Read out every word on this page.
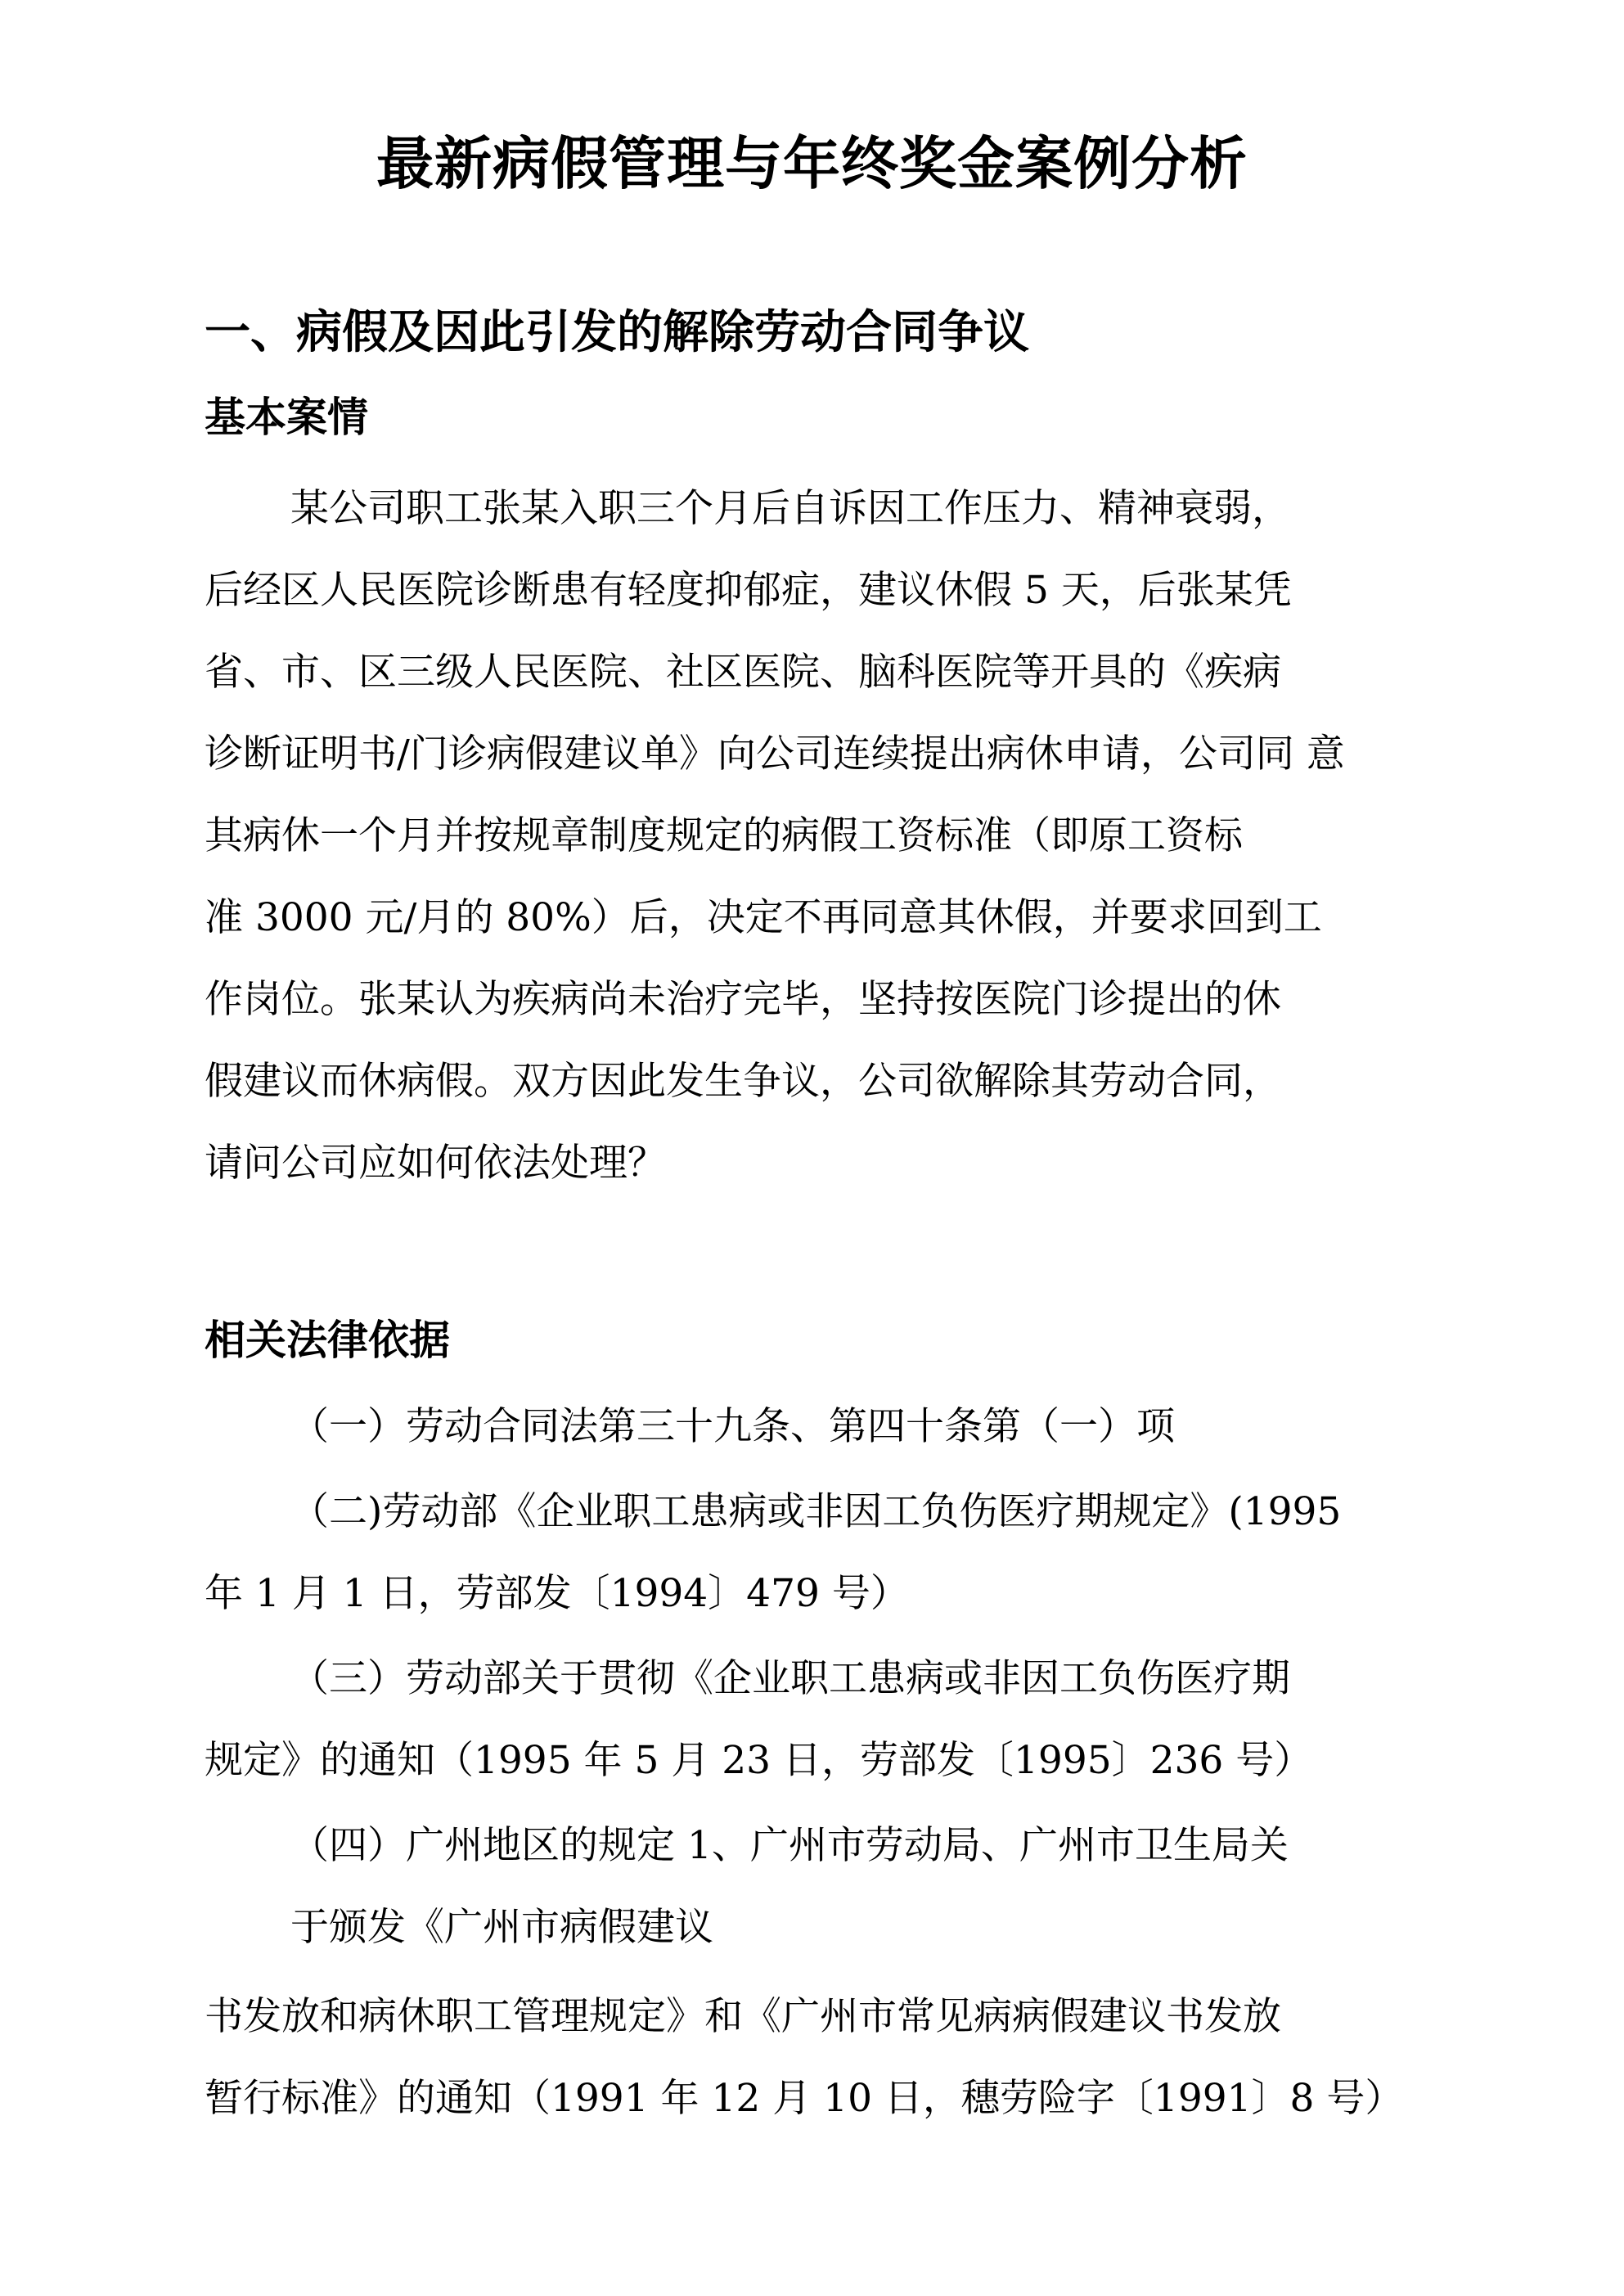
最新病假管理与年终奖金案例分析
一、病假及因此引发的解除劳动合同争议
基本案情
某公司职工张某入职三个月后自诉因工作压力、精神衰弱，
后经区人民医院诊断患有轻度抑郁症，建议休假 5 天，后张某凭
省、市、区三级人民医院、社区医院、脑科医院等开具的《疾病
诊断证明书/门诊病假建议单》向公司连续提出病休申请，公司同 意
其病休一个月并按规章制度规定的病假工资标准（即原工资标
准 3000 元/月的 80%）后，决定不再同意其休假，并要求回到工
作岗位。张某认为疾病尚未治疗完毕，坚持按医院门诊提出的休
假建议而休病假。双方因此发生争议，公司欲解除其劳动合同，
请问公司应如何依法处理？
相关法律依据
（一）劳动合同法第三十九条、第四十条第（一）项
（二)劳动部《企业职工患病或非因工负伤医疗期规定》(1995
年 1 月 1 日，劳部发〔1994〕479 号）
（三）劳动部关于贯彻《企业职工患病或非因工负伤医疗期
规定》的通知（1995 年 5 月 23 日，劳部发〔1995〕236 号）
（四）广州地区的规定 1、广州市劳动局、广州市卫生局关
于颁发《广州市病假建议
书发放和病休职工管理规定》和《广州市常见病病假建议书发放
暂行标准》的通知（1991 年 12 月 10 日，穗劳险字〔1991〕8 号）
